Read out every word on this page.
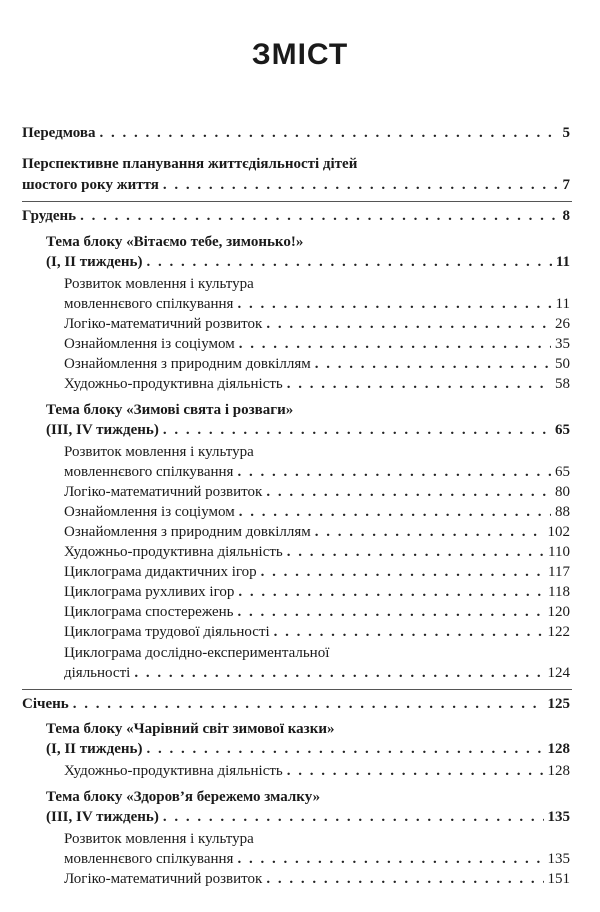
ЗМІСТ
Передмова . . .	5
Перспективне планування життєдіяльності дітей
шостого року життя . . .	7
Грудень . . .	8
Тема блоку «Вітаємо тебе, зимонько!»
(І, ІІ тиждень) . . .	11
Розвиток мовлення і культура
мовленнєвого спілкування . . .	11
Логіко-математичний розвиток . . .	26
Ознайомлення із соціумом . . .	35
Ознайомлення з природним довкіллям . . .	50
Художньо-продуктивна діяльність . . .	58
Тема блоку «Зимові свята і розваги»
(ІІІ, IV тиждень) . . .	65
Розвиток мовлення і культура
мовленнєвого спілкування . . .	65
Логіко-математичний розвиток . . .	80
Ознайомлення із соціумом . . .	88
Ознайомлення з природним довкіллям . . .	102
Художньо-продуктивна діяльність . . .	110
Циклограма дидактичних ігор . . .	117
Циклограма рухливих ігор . . .	118
Циклограма спостережень . . .	120
Циклограма трудової діяльності . . .	122
Циклограма дослідно-експериментальної
діяльності . . .	124
Січень . . .	125
Тема блоку «Чарівний світ зимової казки»
(І, ІІ тиждень) . . .	128
Художньо-продуктивна діяльність . . .	128
Тема блоку «Здоров’я бережемо змалку»
(ІІІ, IV тиждень) . . .	135
Розвиток мовлення і культура
мовленнєвого спілкування . . .	135
Логіко-математичний розвиток . . .	151
